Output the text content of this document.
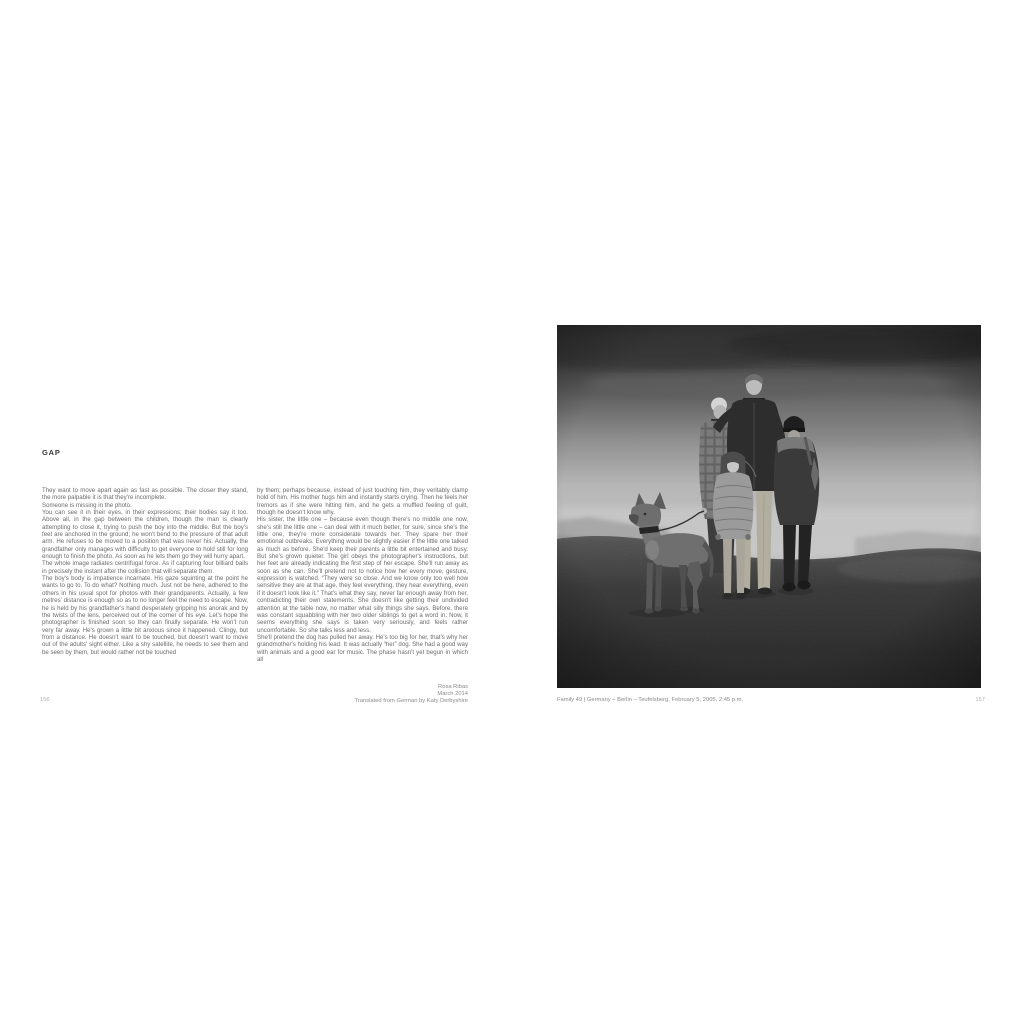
GAP

They want to move apart again as fast as possible. The closer they stand, the more palpable it is that they're incomplete.

Someone is missing in the photo.

You can see it in their eyes, in their expressions; their bodies say it too. Above all, in the gap between the children, though the man is clearly attempting to close it, trying to push the boy into the middle. But the boy's feet are anchored in the ground; he won't bend to the pressure of that adult arm. He refuses to be moved to a position that was never his. Actually, the grandfather only manages with difficulty to get everyone to hold still for long enough to finish the photo. As soon as he lets them go they will hurry apart.

The whole image radiates centrifugal force. As if capturing four billiard balls in precisely the instant after the collision that will separate them.

The boy's body is impatience incarnate. His gaze squinting at the point he wants to go to. To do what? Nothing much. Just not be here, adhered to the others in his usual spot for photos with their grandparents. Actually, a few metres' distance is enough so as to no longer feel the need to escape. Now, he is held by his grandfather's hand desperately gripping his anorak and by the twists of the lens, perceived out of the corner of his eye. Let's hope the photographer is finished soon so they can finally separate. He won't run very far away. He's grown a little bit anxious since it happened. Clingy, but from a distance. He doesn't want to be touched, but doesn't want to move out of the adults' sight either. Like a shy satellite, he needs to see them and be seen by them, but would rather not be touched

by them; perhaps because, instead of just touching him, they veritably clamp hold of him. His mother hugs him and instantly starts crying. Then he feels her tremors as if she were hitting him, and he gets a muffled feeling of guilt, though he doesn't know why.

His sister, the little one – because even though there's no middle one now, she's still the little one – can deal with it much better, for sure, since she's the little one, they're more considerate towards her. They spare her their emotional outbreaks. Everything would be slightly easier if the little one talked as much as before. She'd keep their parents a little bit entertained and busy. But she's grown quieter. The girl obeys the photographer's instructions, but her feet are already indicating the first step of her escape. She'll run away as soon as she can. She'll pretend not to notice how her every move, gesture, expression is watched. “They were so close. And we know only too well how sensitive they are at that age, they feel everything, they hear everything, even if it doesn't look like it.” That's what they say, never far enough away from her, contradicting their own statements. She doesn't like getting their undivided attention at the table now, no matter what silly things she says. Before, there was constant squabbling with her two older siblings to get a word in. Now, it seems everything she says is taken very seriously, and feels rather uncomfortable. So she talks less and less.

She'll pretend the dog has pulled her away. He's too big for her, that's why her grandmother's holding his lead. It was actually “her” dog. She had a good way with animals and a good ear for music. The phase hasn't yet begun in which all

Rosa Ribas
March 2014
Translated from German by Katy Derbyshire
156	Family 49 | Germany – Berlin – Teufelsberg, February 5, 2005, 2:45 p.m.	157
